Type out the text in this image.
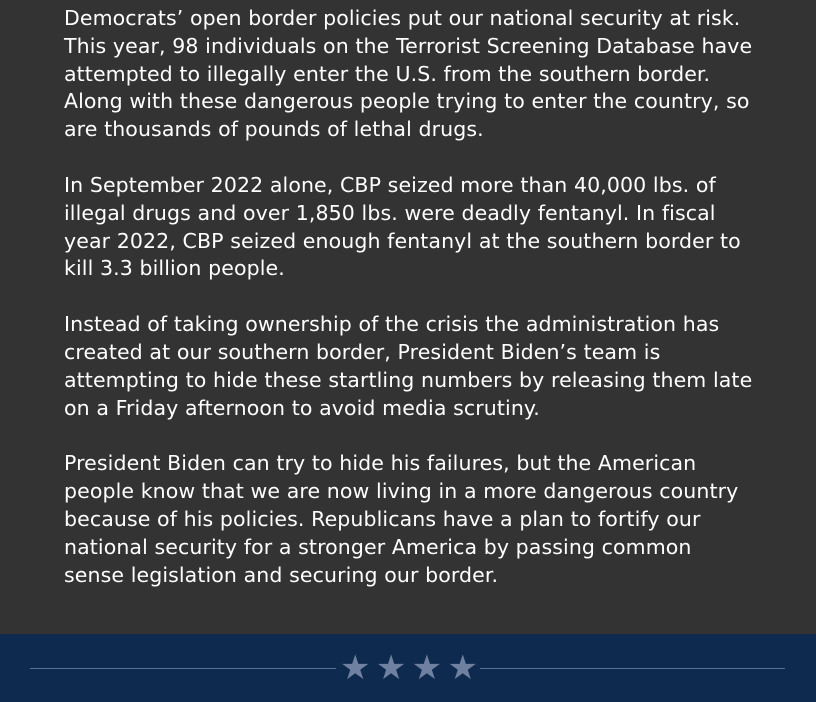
Democrats’ open border policies put our national security at risk. This year, 98 individuals on the Terrorist Screening Database have attempted to illegally enter the U.S. from the southern border. Along with these dangerous people trying to enter the country, so are thousands of pounds of lethal drugs.

In September 2022 alone, CBP seized more than 40,000 lbs. of illegal drugs and over 1,850 lbs. were deadly fentanyl. In fiscal year 2022, CBP seized enough fentanyl at the southern border to kill 3.3 billion people.

Instead of taking ownership of the crisis the administration has created at our southern border, President Biden’s team is attempting to hide these startling numbers by releasing them late on a Friday afternoon to avoid media scrutiny.

President Biden can try to hide his failures, but the American people know that we are now living in a more dangerous country because of his policies. Republicans have a plan to fortify our national security for a stronger America by passing common sense legislation and securing our border.

★ ★ ★ ★
